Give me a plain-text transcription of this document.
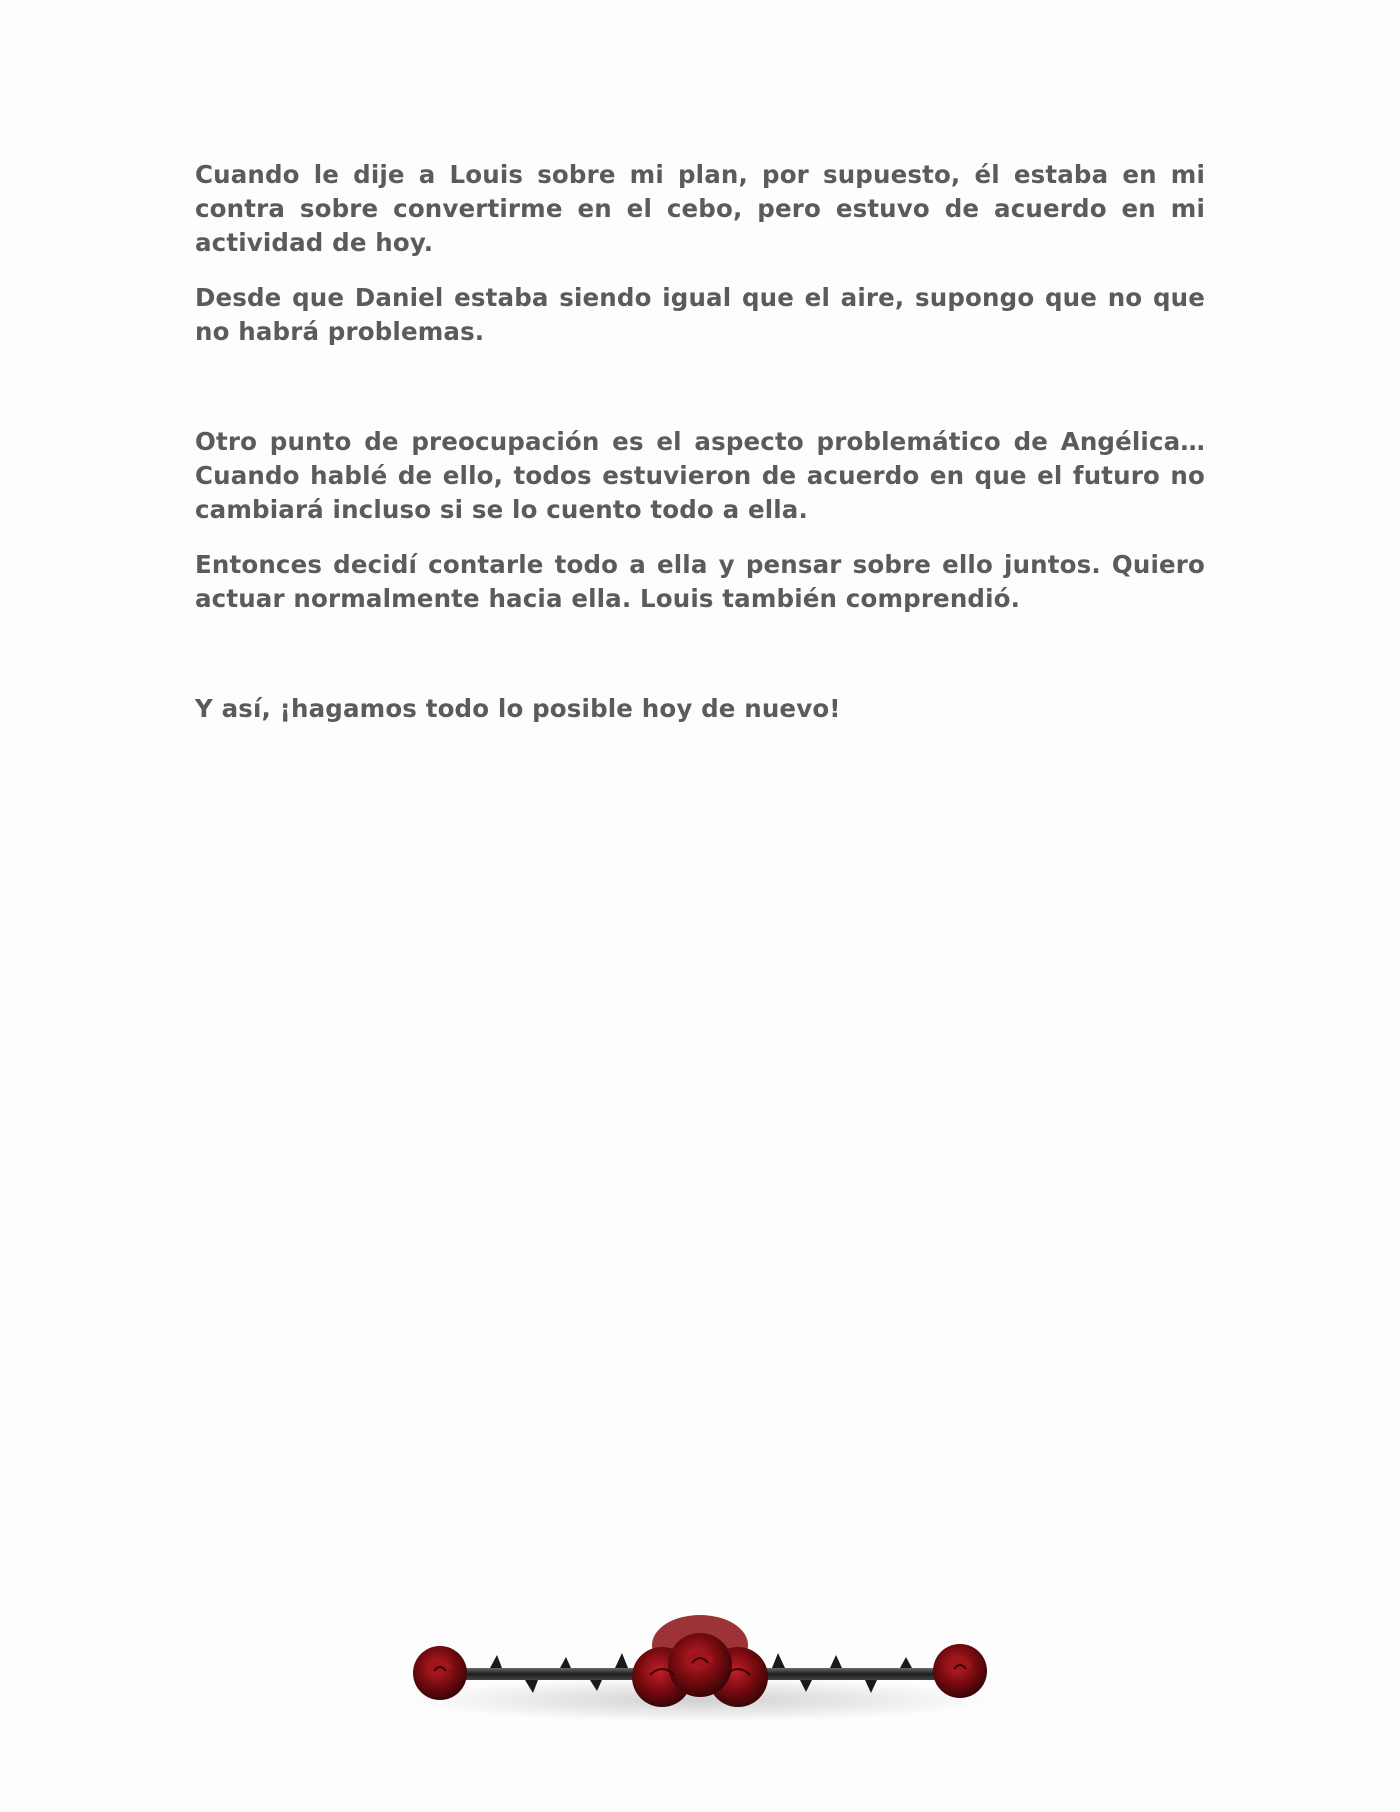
Cuando le dije a Louis sobre mi plan, por supuesto, él estaba en mi contra sobre convertirme en el cebo, pero estuvo de acuerdo en mi actividad de hoy.

Desde que Daniel estaba siendo igual que el aire, supongo que no que no habrá problemas.

Otro punto de preocupación es el aspecto problemático de Angélica… Cuando hablé de ello, todos estuvieron de acuerdo en que el futuro no cambiará incluso si se lo cuento todo a ella.

Entonces decidí contarle todo a ella y pensar sobre ello juntos. Quiero actuar normalmente hacia ella. Louis también comprendió.

Y así, ¡hagamos todo lo posible hoy de nuevo!
